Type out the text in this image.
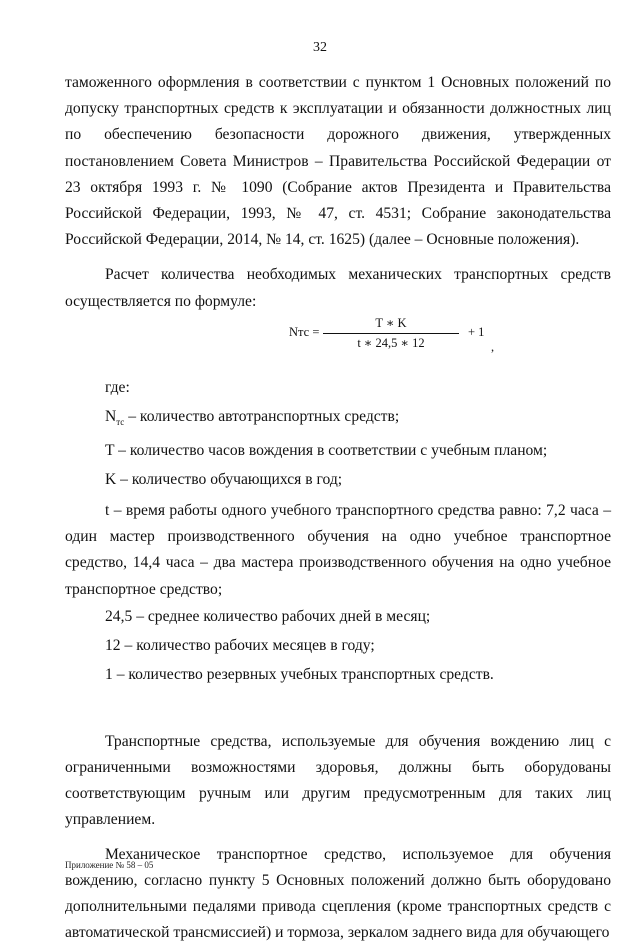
32

таможенного оформления в соответствии с пунктом 1 Основных положений по допуску транспортных средств к эксплуатации и обязанности должностных лиц по обеспечению безопасности дорожного движения, утвержденных постановлением Совета Министров – Правительства Российской Федерации от 23 октября 1993 г. № 1090 (Собрание актов Президента и Правительства Российской Федерации, 1993, № 47, ст. 4531; Собрание законодательства Российской Федерации, 2014, № 14, ст. 1625) (далее – Основные положения).

Расчет количества необходимых механических транспортных средств осуществляется по формуле:

Nтс = $\frac{T ∗ K}{t ∗ 24,5 ∗ 12} + 1$
,

где:

$N_{тс}$ – количество автотранспортных средств;

T – количество часов вождения в соответствии с учебным планом;

K – количество обучающихся в год;

t – время работы одного учебного транспортного средства равно: 7,2 часа – один мастер производственного обучения на одно учебное транспортное средство, 14,4 часа – два мастера производственного обучения на одно учебное транспортное средство;

24,5 – среднее количество рабочих дней в месяц;

12 – количество рабочих месяцев в году;

1 – количество резервных учебных транспортных средств.

Транспортные средства, используемые для обучения вождению лиц с ограниченными возможностями здоровья, должны быть оборудованы соответствующим ручным или другим предусмотренным для таких лиц управлением.

Механическое транспортное средство, используемое для обучения вождению, согласно пункту 5 Основных положений должно быть оборудовано дополнительными педалями привода сцепления (кроме транспортных средств с автоматической трансмиссией) и тормоза, зеркалом заднего вида для обучающего

Приложение № 58 – 05
